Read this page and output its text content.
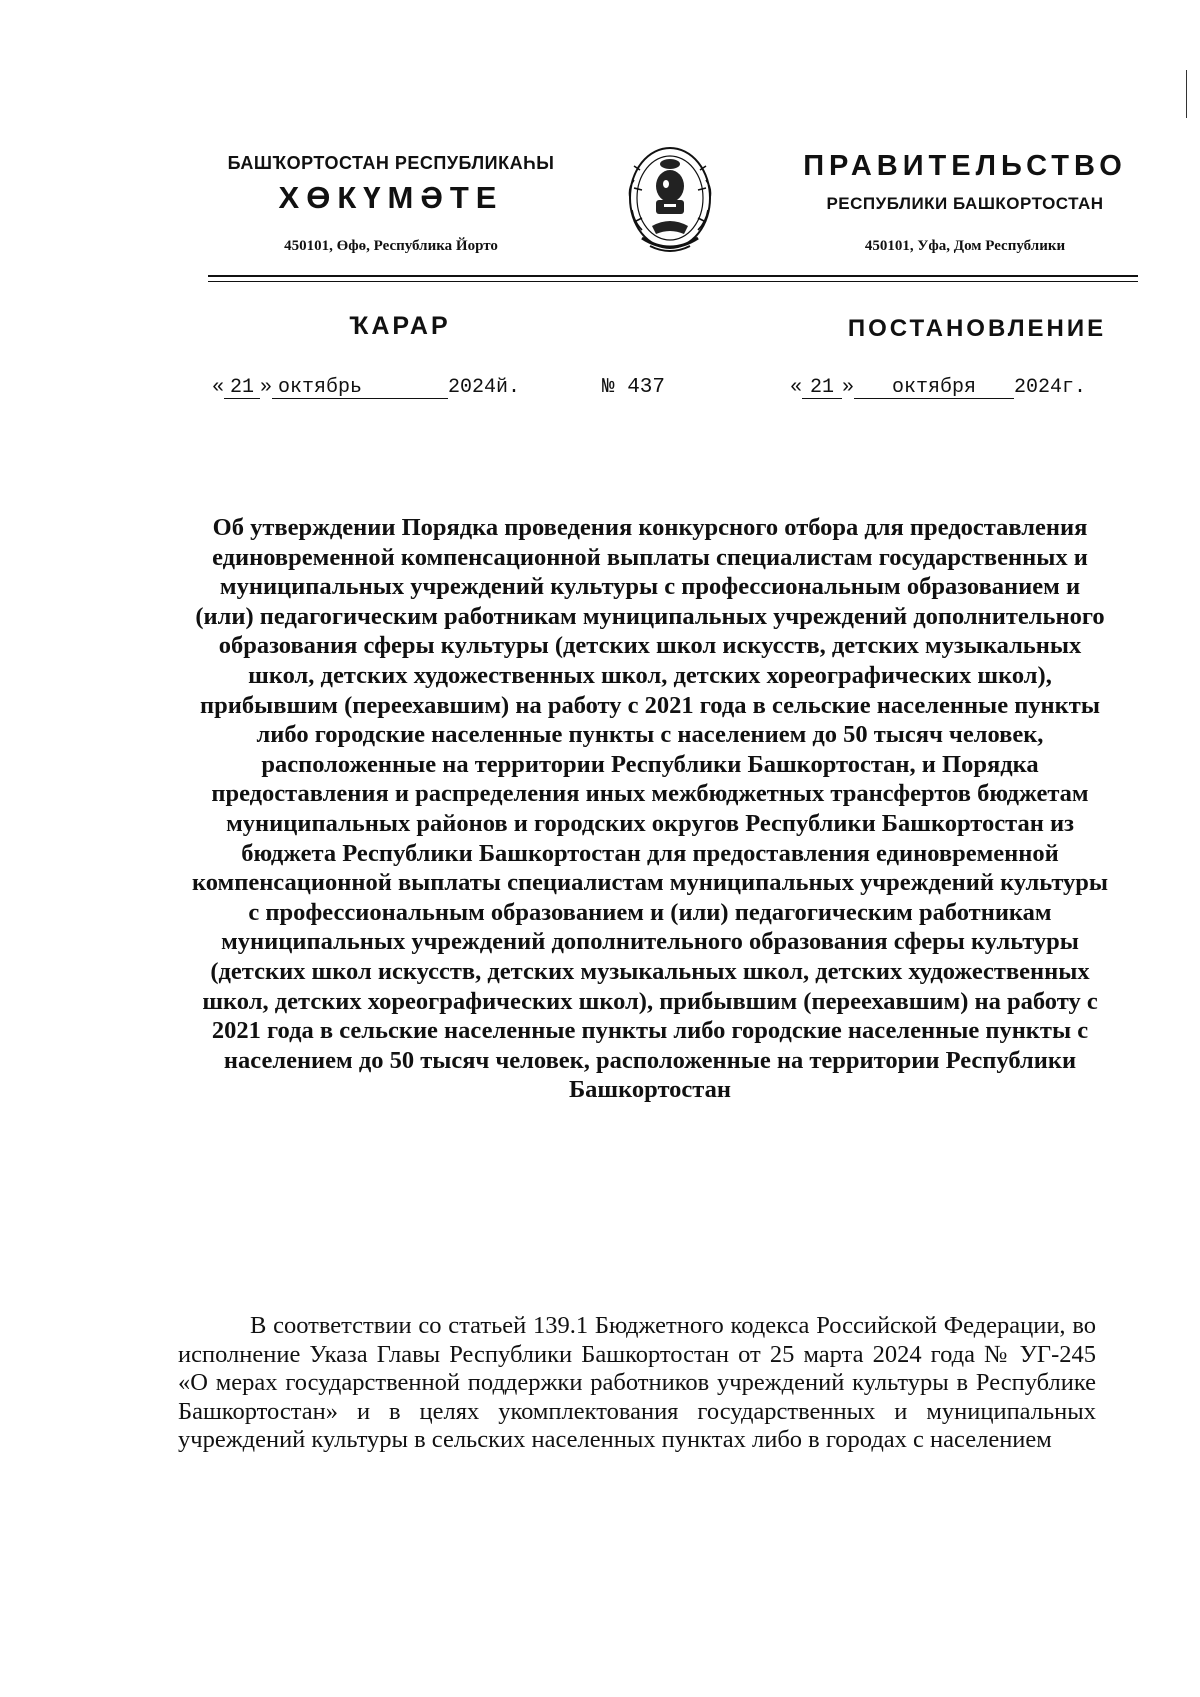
БАШҠОРТОСТАН РЕСПУБЛИКАҺЫ
ХӨКҮМӘТЕ
450101, Өфө, Республика Йорто
ПРАВИТЕЛЬСТВО
РЕСПУБЛИКИ БАШКОРТОСТАН
450101, Уфа, Дом Республики
ҠАРАР	ПОСТАНОВЛЕНИЕ
« 21 » октябрь	2024 й.	№ 437	« 21 »	октября	2024 г.
Об утверждении Порядка проведения конкурсного отбора для предоставления единовременной компенсационной выплаты специалистам государственных и муниципальных учреждений культуры с профессиональным образованием и (или) педагогическим работникам муниципальных учреждений дополнительного образования сферы культуры (детских школ искусств, детских музыкальных школ, детских художественных школ, детских хореографических школ), прибывшим (переехавшим) на работу с 2021 года в сельские населенные пункты либо городские населенные пункты с населением до 50 тысяч человек, расположенные на территории Республики Башкортостан, и Порядка предоставления и распределения иных межбюджетных трансфертов бюджетам муниципальных районов и городских округов Республики Башкортостан из бюджета Республики Башкортостан для предоставления единовременной компенсационной выплаты специалистам муниципальных учреждений культуры с профессиональным образованием и (или) педагогическим работникам муниципальных учреждений дополнительного образования сферы культуры (детских школ искусств, детских музыкальных школ, детских художественных школ, детских хореографических школ), прибывшим (переехавшим) на работу с 2021 года в сельские населенные пункты либо городские населенные пункты с населением до 50 тысяч человек, расположенные на территории Республики Башкортостан
В соответствии со статьей 139.1 Бюджетного кодекса Российской Федерации, во исполнение Указа Главы Республики Башкортостан от 25 марта 2024 года № УГ-245 «О мерах государственной поддержки работников учреждений культуры в Республике Башкортостан» и в целях укомплектования государственных и муниципальных учреждений культуры в сельских населенных пунктах либо в городах с населением
